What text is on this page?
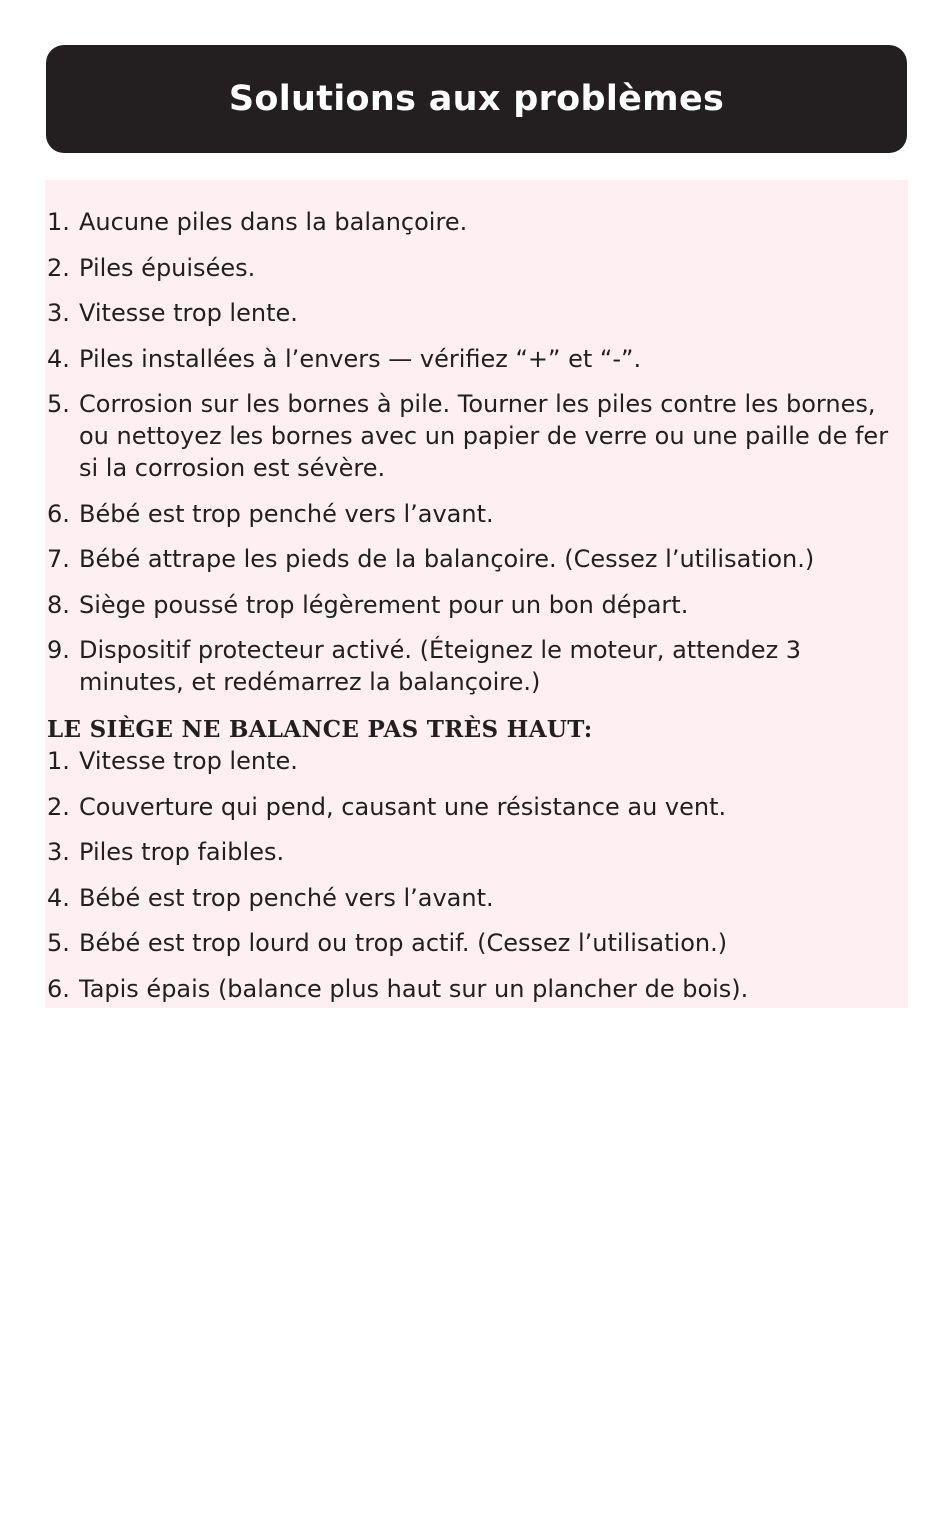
Solutions aux problèmes
1. Aucune piles dans la balançoire.
2. Piles épuisées.
3. Vitesse trop lente.
4. Piles installées à l’envers — vérifiez “+” et “-”.
5. Corrosion sur les bornes à pile. Tourner les piles contre les bornes, ou nettoyez les bornes avec un papier de verre ou une paille de fer si la corrosion est sévère.
6. Bébé est trop penché vers l’avant.
7. Bébé attrape les pieds de la balançoire. (Cessez l’utilisation.)
8. Siège poussé trop légèrement pour un bon départ.
9. Dispositif protecteur activé. (Éteignez le moteur, attendez 3 minutes, et redémarrez la balançoire.)
LE SIÈGE NE BALANCE PAS TRÈS HAUT:
1. Vitesse trop lente.
2. Couverture qui pend, causant une résistance au vent.
3. Piles trop faibles.
4. Bébé est trop penché vers l’avant.
5. Bébé est trop lourd ou trop actif. (Cessez l’utilisation.)
6. Tapis épais (balance plus haut sur un plancher de bois).
